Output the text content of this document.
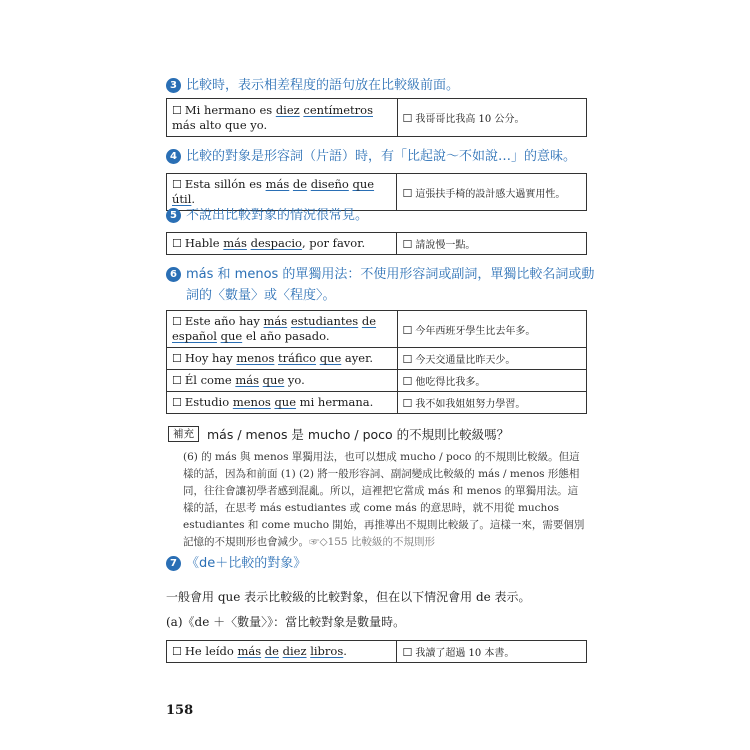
3 比較時，表示相差程度的語句放在比較級前面。
☐ Mi hermano es diez centímetros más alto que yo.	☐ 我哥哥比我高 10 公分。
4 比較的對象是形容詞（片語）時，有「比起說～不如說…」的意味。
☐ Esta sillón es más de diseño que útil.	☐ 這張扶手椅的設計感大過實用性。
5 不說出比較對象的情況很常見。
☐ Hable más despacio, por favor.	☐ 請說慢一點。
6 más 和 menos 的單獨用法：不使用形容詞或副詞，單獨比較名詞或動詞的〈數量〉或〈程度〉。
☐ Este año hay más estudiantes de español que el año pasado.	☐ 今年西班牙學生比去年多。
☐ Hoy hay menos tráfico que ayer.	☐ 今天交通量比昨天少。
☐ Él come más que yo.	☐ 他吃得比我多。
☐ Estudio menos que mi hermana.	☐ 我不如我姐姐努力學習。
補充	más / menos 是 mucho / poco 的不規則比較級嗎？
(6) 的 más 與 menos 單獨用法，也可以想成 mucho / poco 的不規則比較級。但這樣的話，因為和前面 (1) (2) 將一般形容詞、副詞變成比較級的 más / menos 形態相同，往往會讓初學者感到混亂。所以，這裡把它當成 más 和 menos 的單獨用法。這樣的話，在思考 más estudiantes 或 come más 的意思時，就不用從 muchos estudiantes 和 come mucho 開始，再推導出不規則比較級了。這樣一來，需要個別記憶的不規則形也會減少。☞◇155 比較級的不規則形
7 《de＋比較的對象》
一般會用 que 表示比較級的比較對象，但在以下情況會用 de 表示。
(a)《de ＋〈數量〉》：當比較對象是數量時。
☐ He leído más de diez libros.	☐ 我讀了超過 10 本書。
158
